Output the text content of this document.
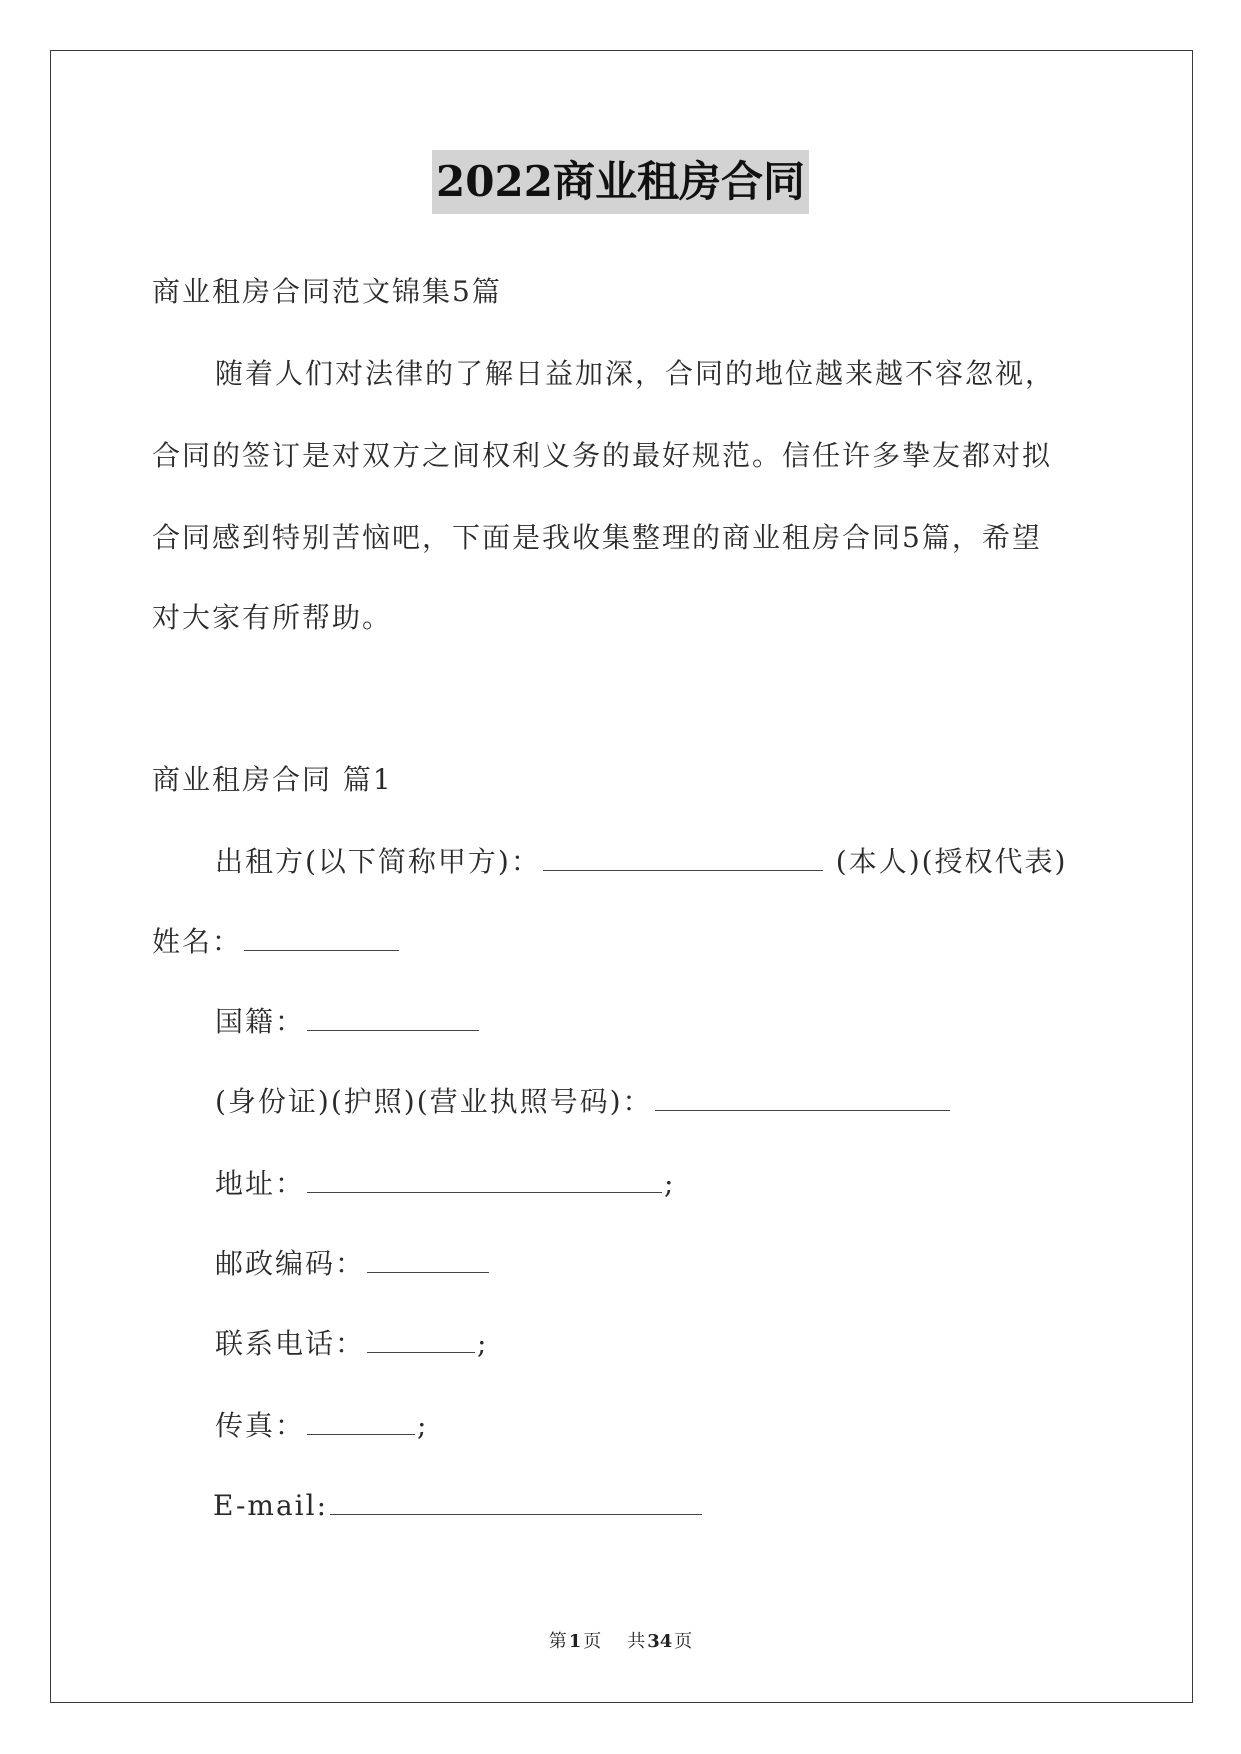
2022商业租房合同
商业租房合同范文锦集5篇
随着人们对法律的了解日益加深，合同的地位越来越不容忽视，
合同的签订是对双方之间权利义务的最好规范。信任许多挚友都对拟
合同感到特别苦恼吧，下面是我收集整理的商业租房合同5篇，希望
对大家有所帮助。
商业租房合同 篇1
出租方(以下简称甲方)：	(本人)(授权代表)
姓名：
国籍：
(身份证)(护照)(营业执照号码)：
地址：	;
邮政编码：
联系电话：	;
传真：	;
E-mail:
第 1 页 共 34 页
